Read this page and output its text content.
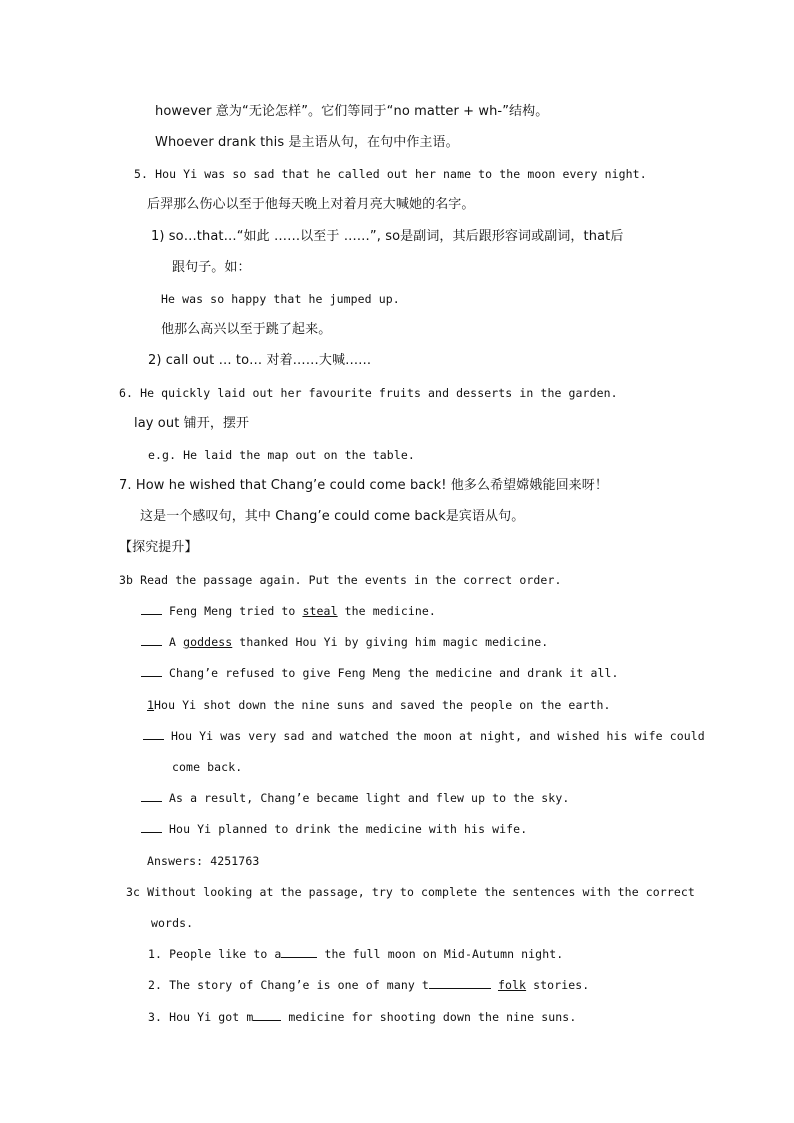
however 意为“无论怎样”。它们等同于“no matter + wh-”结构。
Whoever drank this 是主语从句，在句中作主语。
5. Hou Yi was so sad that he called out her name to the moon every night.
后羿那么伤心以至于他每天晚上对着月亮大喊她的名字。
1) so…that…“如此 ……以至于 ……”, so是副词，其后跟形容词或副词，that后
跟句子。如：
He was so happy that he jumped up.
他那么高兴以至于跳了起来。
2) call out … to… 对着……大喊……
6. He quickly laid out her favourite fruits and desserts in the garden.
lay out 铺开，摆开
e.g. He laid the map out on the table.
7. How he wished that Chang’e could come back! 他多么希望嫦娥能回来呀！
这是一个感叹句，其中 Chang’e could come back是宾语从句。
【探究提升】
3b Read the passage again. Put the events in the correct order.
Feng Meng tried to steal the medicine.
A goddess thanked Hou Yi by giving him magic medicine.
Chang’e refused to give Feng Meng the medicine and drank it all.
1Hou Yi shot down the nine suns and saved the people on the earth.
Hou Yi was very sad and watched the moon at night, and wished his wife could
come back.
As a result, Chang’e became light and flew up to the sky.
Hou Yi planned to drink the medicine with his wife.
Answers: 4251763
3c Without looking at the passage, try to complete the sentences with the correct
words.
1. People like to a	the full moon on Mid-Autumn night.
2. The story of Chang’e is one of many t	folk stories.
3. Hou Yi got m medicine for shooting down the nine suns.
